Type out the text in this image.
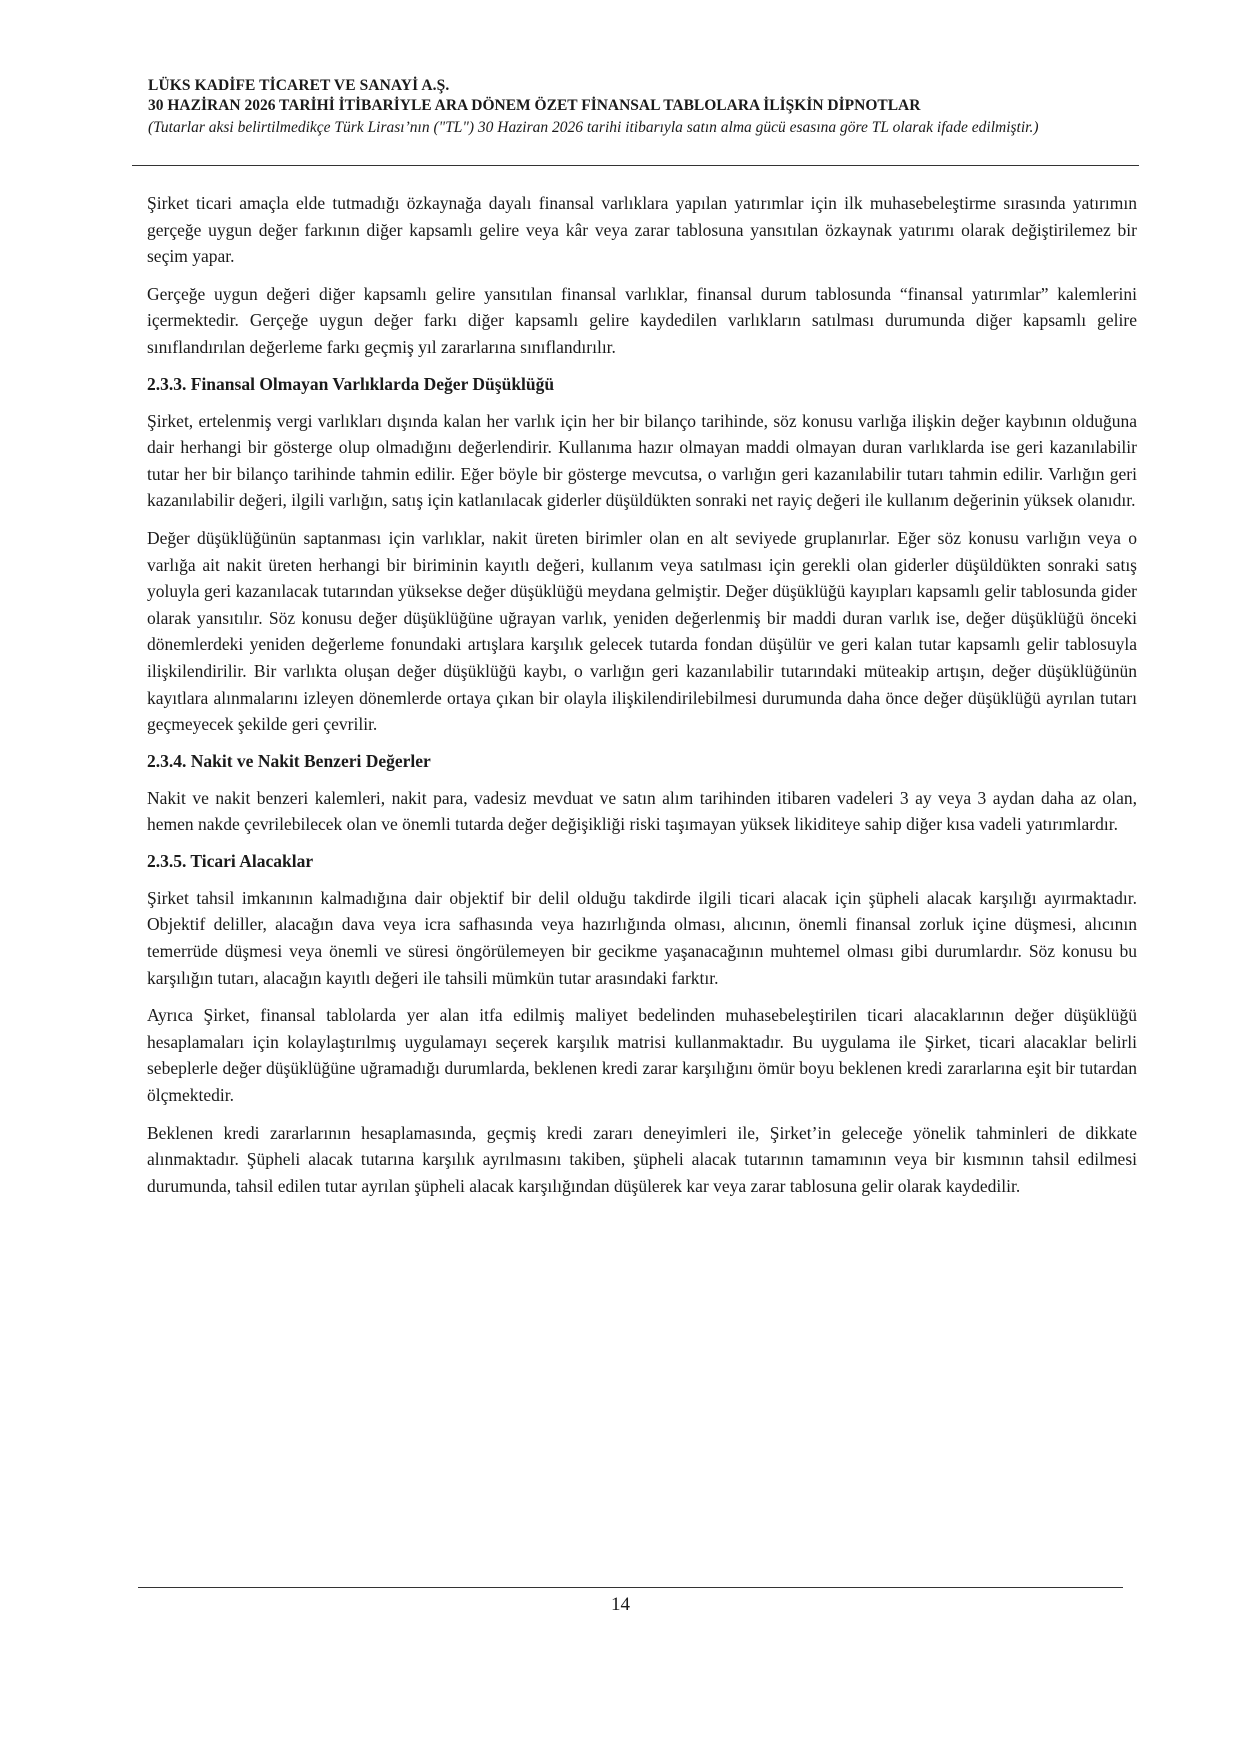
LÜKS KADİFE TİCARET VE SANAYİ A.Ş.
30 HAZİRAN 2026 TARİHİ İTİBARİYLE ARA DÖNEM ÖZET FİNANSAL TABLOLARA İLİŞKİN DİPNOTLAR
(Tutarlar aksi belirtilmedikçe Türk Lirası’nın ("TL") 30 Haziran 2026 tarihi itibarıyla satın alma gücü esasına göre TL olarak ifade edilmiştir.)

Şirket ticari amaçla elde tutmadığı özkaynağa dayalı finansal varlıklara yapılan yatırımlar için ilk muhasebeleştirme sırasında yatırımın gerçeğe uygun değer farkının diğer kapsamlı gelire veya kâr veya zarar tablosuna yansıtılan özkaynak yatırımı olarak değiştirilemez bir seçim yapar.

Gerçeğe uygun değeri diğer kapsamlı gelire yansıtılan finansal varlıklar, finansal durum tablosunda “finansal yatırımlar” kalemlerini içermektedir. Gerçeğe uygun değer farkı diğer kapsamlı gelire kaydedilen varlıkların satılması durumunda diğer kapsamlı gelire sınıflandırılan değerleme farkı geçmiş yıl zararlarına sınıflandırılır.

2.3.3. Finansal Olmayan Varlıklarda Değer Düşüklüğü

Şirket, ertelenmiş vergi varlıkları dışında kalan her varlık için her bir bilanço tarihinde, söz konusu varlığa ilişkin değer kaybının olduğuna dair herhangi bir gösterge olup olmadığını değerlendirir. Kullanıma hazır olmayan maddi olmayan duran varlıklarda ise geri kazanılabilir tutar her bir bilanço tarihinde tahmin edilir. Eğer böyle bir gösterge mevcutsa, o varlığın geri kazanılabilir tutarı tahmin edilir. Varlığın geri kazanılabilir değeri, ilgili varlığın, satış için katlanılacak giderler düşüldükten sonraki net rayiç değeri ile kullanım değerinin yüksek olanıdır.

Değer düşüklüğünün saptanması için varlıklar, nakit üreten birimler olan en alt seviyede gruplanırlar. Eğer söz konusu varlığın veya o varlığa ait nakit üreten herhangi bir biriminin kayıtlı değeri, kullanım veya satılması için gerekli olan giderler düşüldükten sonraki satış yoluyla geri kazanılacak tutarından yüksekse değer düşüklüğü meydana gelmiştir. Değer düşüklüğü kayıpları kapsamlı gelir tablosunda gider olarak yansıtılır. Söz konusu değer düşüklüğüne uğrayan varlık, yeniden değerlenmiş bir maddi duran varlık ise, değer düşüklüğü önceki dönemlerdeki yeniden değerleme fonundaki artışlara karşılık gelecek tutarda fondan düşülür ve geri kalan tutar kapsamlı gelir tablosuyla ilişkilendirilir. Bir varlıkta oluşan değer düşüklüğü kaybı, o varlığın geri kazanılabilir tutarındaki müteakip artışın, değer düşüklüğünün kayıtlara alınmalarını izleyen dönemlerde ortaya çıkan bir olayla ilişkilendirilebilmesi durumunda daha önce değer düşüklüğü ayrılan tutarı geçmeyecek şekilde geri çevrilir.

2.3.4. Nakit ve Nakit Benzeri Değerler

Nakit ve nakit benzeri kalemleri, nakit para, vadesiz mevduat ve satın alım tarihinden itibaren vadeleri 3 ay veya 3 aydan daha az olan, hemen nakde çevrilebilecek olan ve önemli tutarda değer değişikliği riski taşımayan yüksek likiditeye sahip diğer kısa vadeli yatırımlardır.

2.3.5. Ticari Alacaklar

Şirket tahsil imkanının kalmadığına dair objektif bir delil olduğu takdirde ilgili ticari alacak için şüpheli alacak karşılığı ayırmaktadır. Objektif deliller, alacağın dava veya icra safhasında veya hazırlığında olması, alıcının, önemli finansal zorluk içine düşmesi, alıcının temerrüde düşmesi veya önemli ve süresi öngörülemeyen bir gecikme yaşanacağının muhtemel olması gibi durumlardır. Söz konusu bu karşılığın tutarı, alacağın kayıtlı değeri ile tahsili mümkün tutar arasındaki farktır.

Ayrıca Şirket, finansal tablolarda yer alan itfa edilmiş maliyet bedelinden muhasebeleştirilen ticari alacaklarının değer düşüklüğü hesaplamaları için kolaylaştırılmış uygulamayı seçerek karşılık matrisi kullanmaktadır. Bu uygulama ile Şirket, ticari alacaklar belirli sebeplerle değer düşüklüğüne uğramadığı durumlarda, beklenen kredi zarar karşılığını ömür boyu beklenen kredi zararlarına eşit bir tutardan ölçmektedir.

Beklenen kredi zararlarının hesaplamasında, geçmiş kredi zararı deneyimleri ile, Şirket’in geleceğe yönelik tahminleri de dikkate alınmaktadır. Şüpheli alacak tutarına karşılık ayrılmasını takiben, şüpheli alacak tutarının tamamının veya bir kısmının tahsil edilmesi durumunda, tahsil edilen tutar ayrılan şüpheli alacak karşılığından düşülerek kar veya zarar tablosuna gelir olarak kaydedilir.

14
